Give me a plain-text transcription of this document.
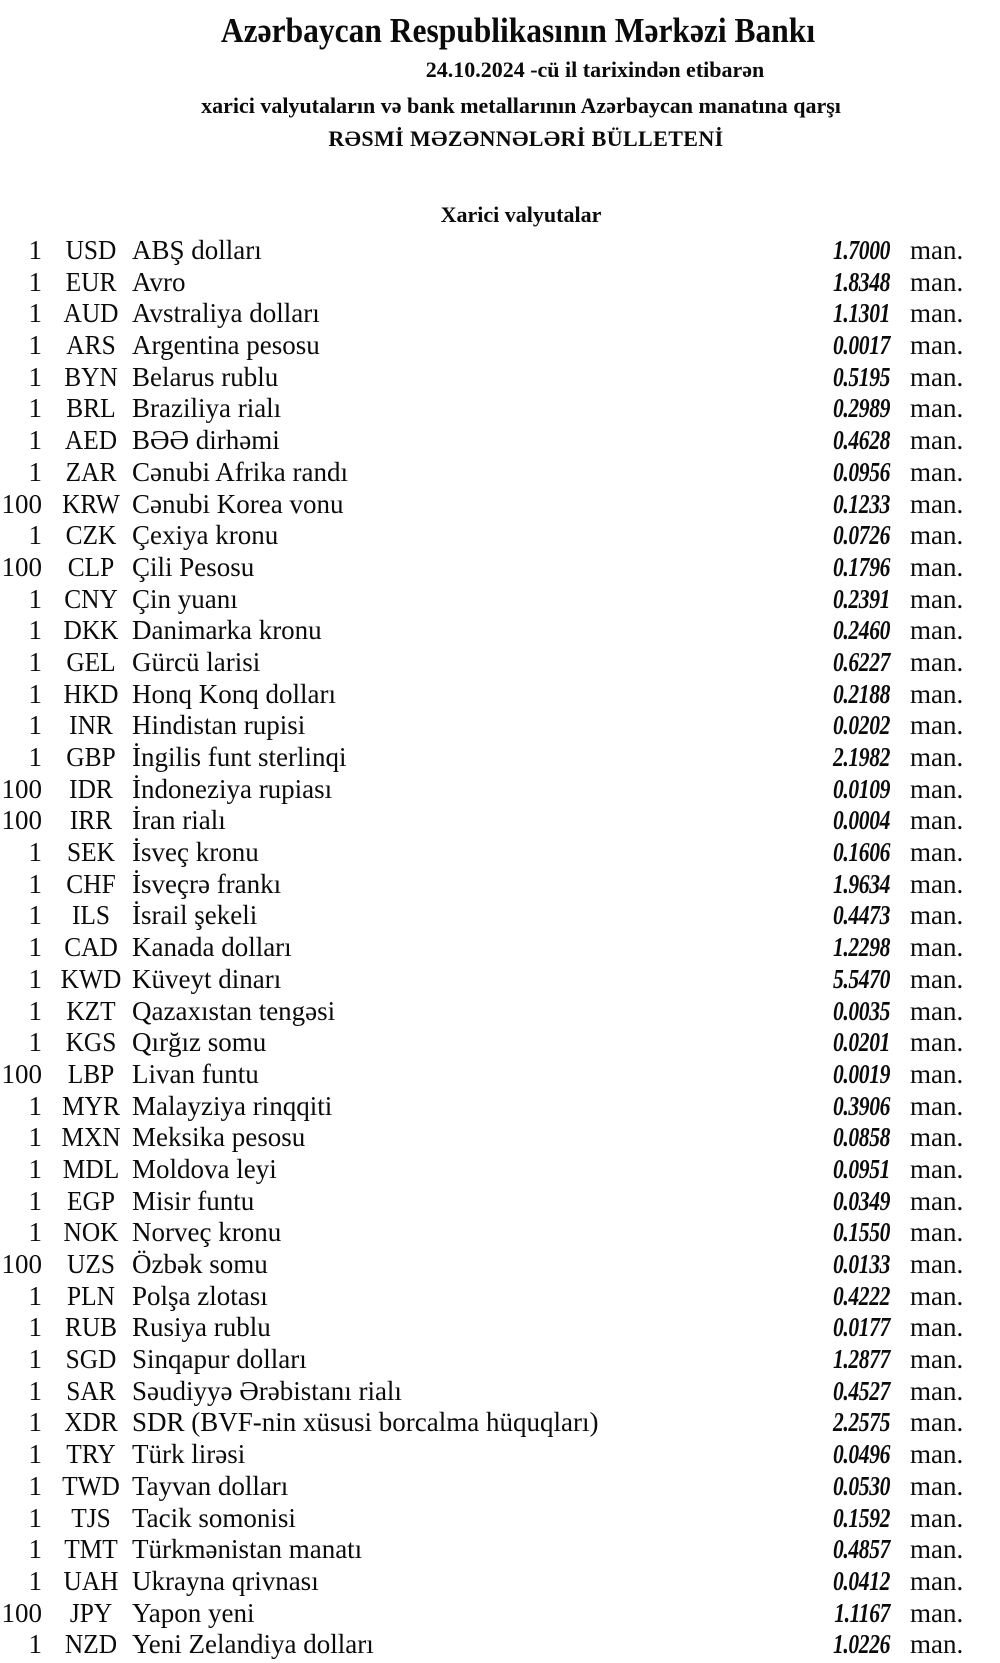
Azərbaycan Respublikasının Mərkəzi Bankı
24.10.2024 -cü il tarixindən etibarən
xarici valyutaların və bank metallarının Azərbaycan manatına qarşı
RƏSMİ MƏZƏNNƏLƏRİ BÜLLETENİ
Xarici valyutalar
1 USD ABŞ dolları	1.7000 man.
1 EUR Avro	1.8348 man.
1 AUD Avstraliya dolları	1.1301 man.
1 ARS Argentina pesosu	0.0017 man.
1 BYN Belarus rublu	0.5195 man.
1 BRL Braziliya rialı	0.2989 man.
1 AED BƏƏ dirhəmi	0.4628 man.
1 ZAR Cənubi Afrika randı	0.0956 man.
100 KRW Cənubi Korea vonu	0.1233 man.
1 CZK Çexiya kronu	0.0726 man.
100 CLP Çili Pesosu	0.1796 man.
1 CNY Çin yuanı	0.2391 man.
1 DKK Danimarka kronu	0.2460 man.
1 GEL Gürcü larisi	0.6227 man.
1 HKD Honq Konq dolları	0.2188 man.
1	INR Hindistan rupisi	0.0202 man.
1 GBP İngilis funt sterlinqi	2.1982 man.
100	IDR İndoneziya rupiası	0.0109 man.
100	IRR İran rialı	0.0004 man.
1 SEK İsveç kronu	0.1606 man.
1 CHF İsveçrə frankı	1.9634 man.
1	ILS İsrail şekeli	0.4473 man.
1 CAD Kanada dolları	1.2298 man.
1 KWD Küveyt dinarı	5.5470 man.
1 KZT Qazaxıstan tengəsi	0.0035 man.
1 KGS Qırğız somu	0.0201 man.
100 LBP Livan funtu	0.0019 man.
1 MYR Malayziya rinqqiti	0.3906 man.
1 MXN Meksika pesosu	0.0858 man.
1 MDL Moldova leyi	0.0951 man.
1 EGP Misir funtu	0.0349 man.
1 NOK Norveç kronu	0.1550 man.
100 UZS Özbək somu	0.0133 man.
1 PLN Polşa zlotası	0.4222 man.
1 RUB Rusiya rublu	0.0177 man.
1 SGD Sinqapur dolları	1.2877 man.
1 SAR Səudiyyə Ərəbistanı rialı	0.4527 man.
1 XDR SDR (BVF-nin xüsusi borcalma hüquqları)	2.2575 man.
1 TRY Türk lirəsi	0.0496 man.
1 TWD Tayvan dolları	0.0530 man.
1	TJS Tacik somonisi	0.1592 man.
1 TMT Türkmənistan manatı	0.4857 man.
1 UAH Ukrayna qrivnası	0.0412 man.
100	JPY Yapon yeni	1.1167 man.
1 NZD Yeni Zelandiya dolları	1.0226 man.
